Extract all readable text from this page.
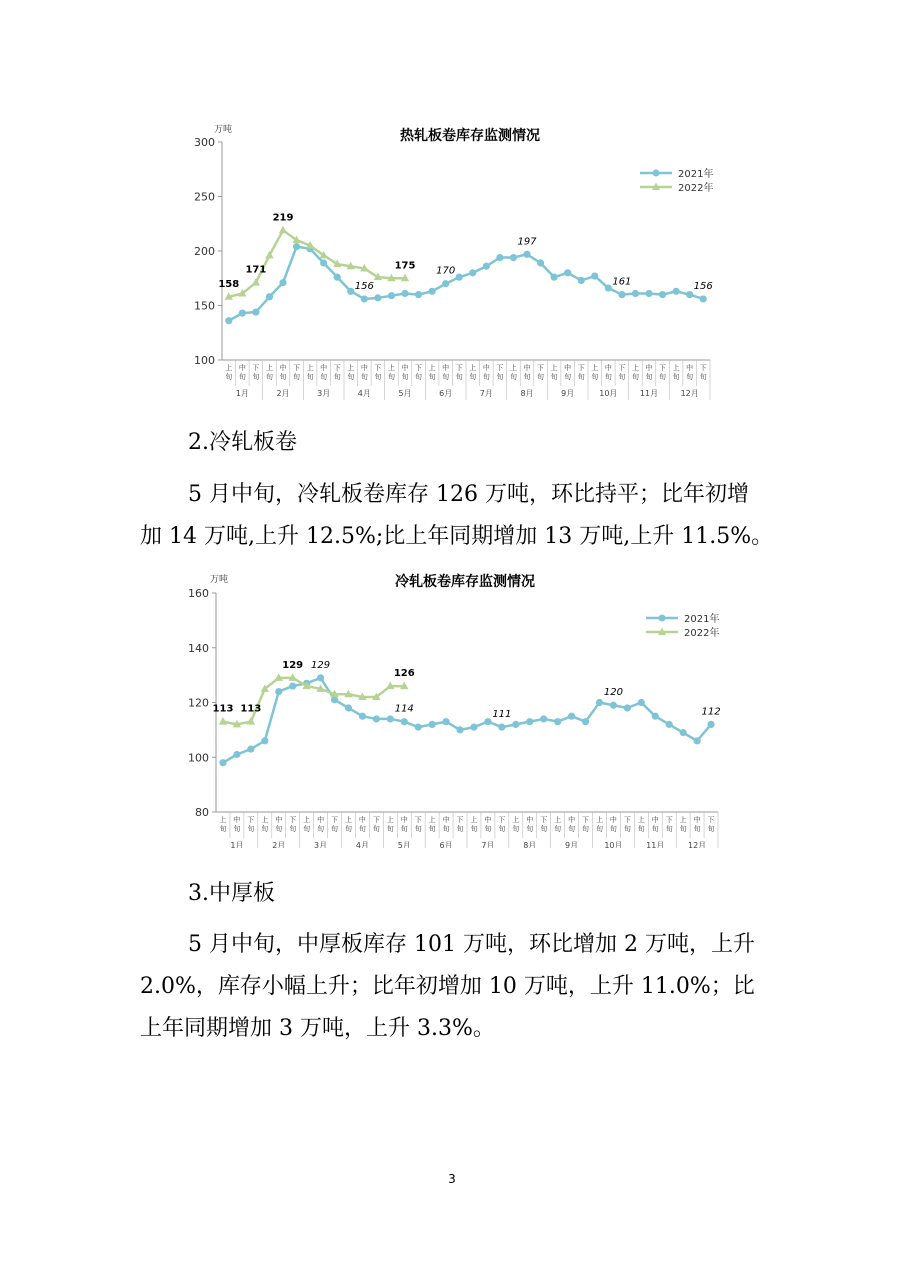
热轧板卷库存监测情况
万吨
100
150
200
250
300
上
旬
中
旬
下
旬
上
旬
中
旬
下
旬
上
旬
中
旬
下
旬
上
旬
中
旬
下
旬
上
旬
中
旬
下
旬
上
旬
中
旬
下
旬
上
旬
中
旬
下
旬
上
旬
中
旬
下
旬
上
旬
中
旬
下
旬
上
旬
中
旬
下
旬
上
旬
中
旬
下
旬
上
旬
中
旬
下
旬
1月	2月	3月	4月	5月	6月	7月	8月	9月	10月	11月	12月
158
171
219
175
156
170
197
161	156
2021年
2022年
2.冷轧板卷

5 月中旬，冷轧板卷库存 126 万吨，环比持平；比年初增

加 14 万吨,上升 12.5%;比上年同期增加 13 万吨,上升 11.5%。

冷轧板卷库存监测情况
万吨
80
100
120
140
160
上
旬
中
旬
下
旬
上
旬
中
旬
下
旬
上
旬
中
旬
下
旬
上
旬
中
旬
下
旬
上
旬
中
旬
下
旬
上
旬
中
旬
下
旬
上
旬
中
旬
下
旬
上
旬
中
旬
下
旬
上
旬
中
旬
下
旬
上
旬
中
旬
下
旬
上
旬
中
旬
下
旬
上
旬
中
旬
下
旬
1月	2月	3月	4月	5月	6月	7月	8月	9月	10月	11月	12月
113 113
129
126
129
114	111
120
112
2021年
2022年
3.中厚板

5 月中旬，中厚板库存 101 万吨，环比增加 2 万吨，上升

2.0%，库存小幅上升；比年初增加 10 万吨，上升 11.0%；比

上年同期增加 3 万吨，上升 3.3%。

3
